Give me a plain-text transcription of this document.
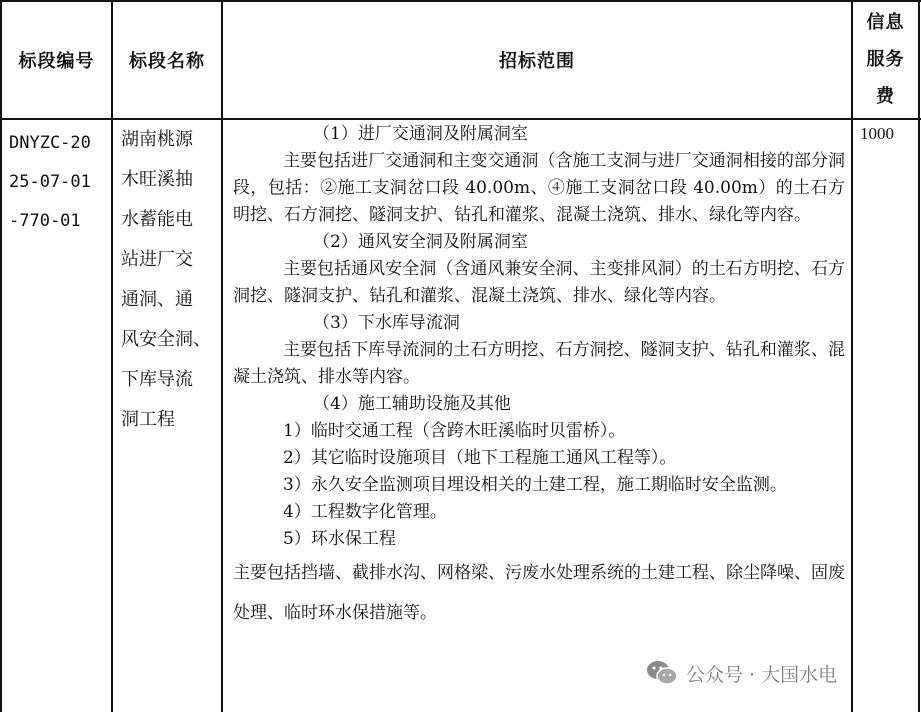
标段编号 标段名称	招标范围
信息
服务
费
DNYZC-20
25-07-01
-770-01
湖南桃源
木旺溪抽
水蓄能电
站进厂交
通洞、通
风安全洞、
下库导流
洞工程

（1）进厂交通洞及附属洞室

主要包括进厂交通洞和主变交通洞（含施工支洞与进厂交通洞相接的部分洞段，包括：②施工支洞岔口段 40.00m、④施工支洞岔口段 40.00m）的土石方明挖、石方洞挖、隧洞支护、钻孔和灌浆、混凝土浇筑、排水、绿化等内容。

（2）通风安全洞及附属洞室

主要包括通风安全洞（含通风兼安全洞、主变排风洞）的土石方明挖、石方洞挖、隧洞支护、钻孔和灌浆、混凝土浇筑、排水、绿化等内容。

（3）下水库导流洞

主要包括下库导流洞的土石方明挖、石方洞挖、隧洞支护、钻孔和灌浆、混凝土浇筑、排水等内容。

（4）施工辅助设施及其他

1）临时交通工程（含跨木旺溪临时贝雷桥）。

2）其它临时设施项目（地下工程施工通风工程等）。

3）永久安全监测项目埋设相关的土建工程，施工期临时安全监测。

4）工程数字化管理。

5）环水保工程

主要包括挡墙、截排水沟、网格梁、污废水处理系统的土建工程、除尘降噪、固废处理、临时环水保措施等。

1000
公众号 · 大国水电
